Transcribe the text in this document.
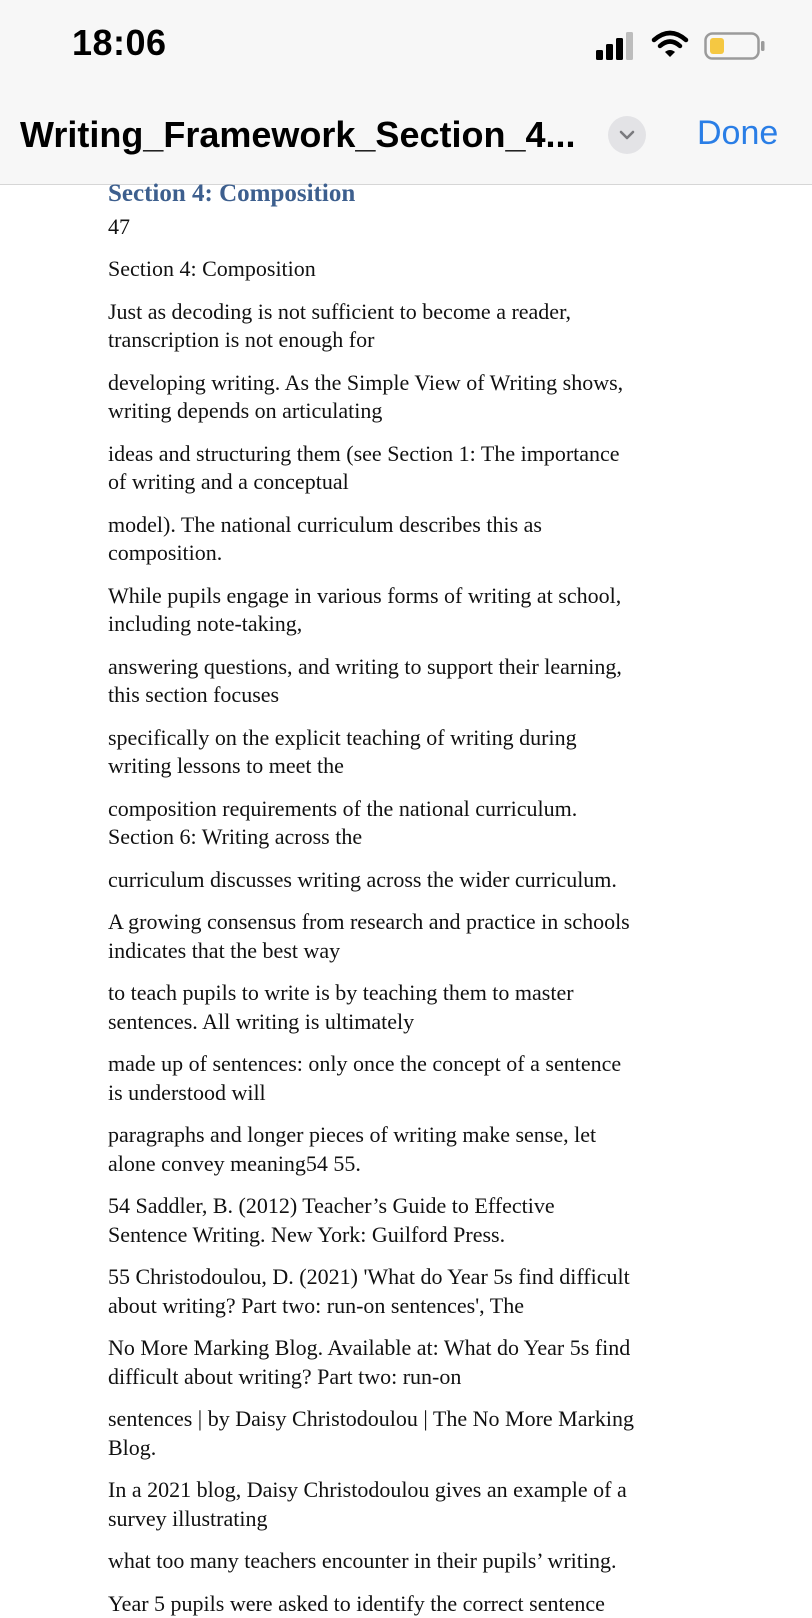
18:06
Writing_Framework_Section_4...	Done
Section 4: Composition
47

Section 4: Composition

Just as decoding is not sufficient to become a reader,
transcription is not enough for

developing writing. As the Simple View of Writing shows,
writing depends on articulating

ideas and structuring them (see Section 1: The importance
of writing and a conceptual

model). The national curriculum describes this as
composition.

While pupils engage in various forms of writing at school,
including note-taking,

answering questions, and writing to support their learning,
this section focuses

specifically on the explicit teaching of writing during
writing lessons to meet the

composition requirements of the national curriculum.
Section 6: Writing across the

curriculum discusses writing across the wider curriculum.

A growing consensus from research and practice in schools
indicates that the best way

to teach pupils to write is by teaching them to master
sentences. All writing is ultimately

made up of sentences: only once the concept of a sentence
is understood will

paragraphs and longer pieces of writing make sense, let
alone convey meaning54 55.

54 Saddler, B. (2012) Teacher’s Guide to Effective
Sentence Writing. New York: Guilford Press.

55 Christodoulou, D. (2021) 'What do Year 5s find difficult
about writing? Part two: run-on sentences', The

No More Marking Blog. Available at: What do Year 5s find
difficult about writing? Part two: run-on

sentences | by Daisy Christodoulou | The No More Marking
Blog.

In a 2021 blog, Daisy Christodoulou gives an example of a
survey illustrating

what too many teachers encounter in their pupils’ writing.

Year 5 pupils were asked to identify the correct sentence
